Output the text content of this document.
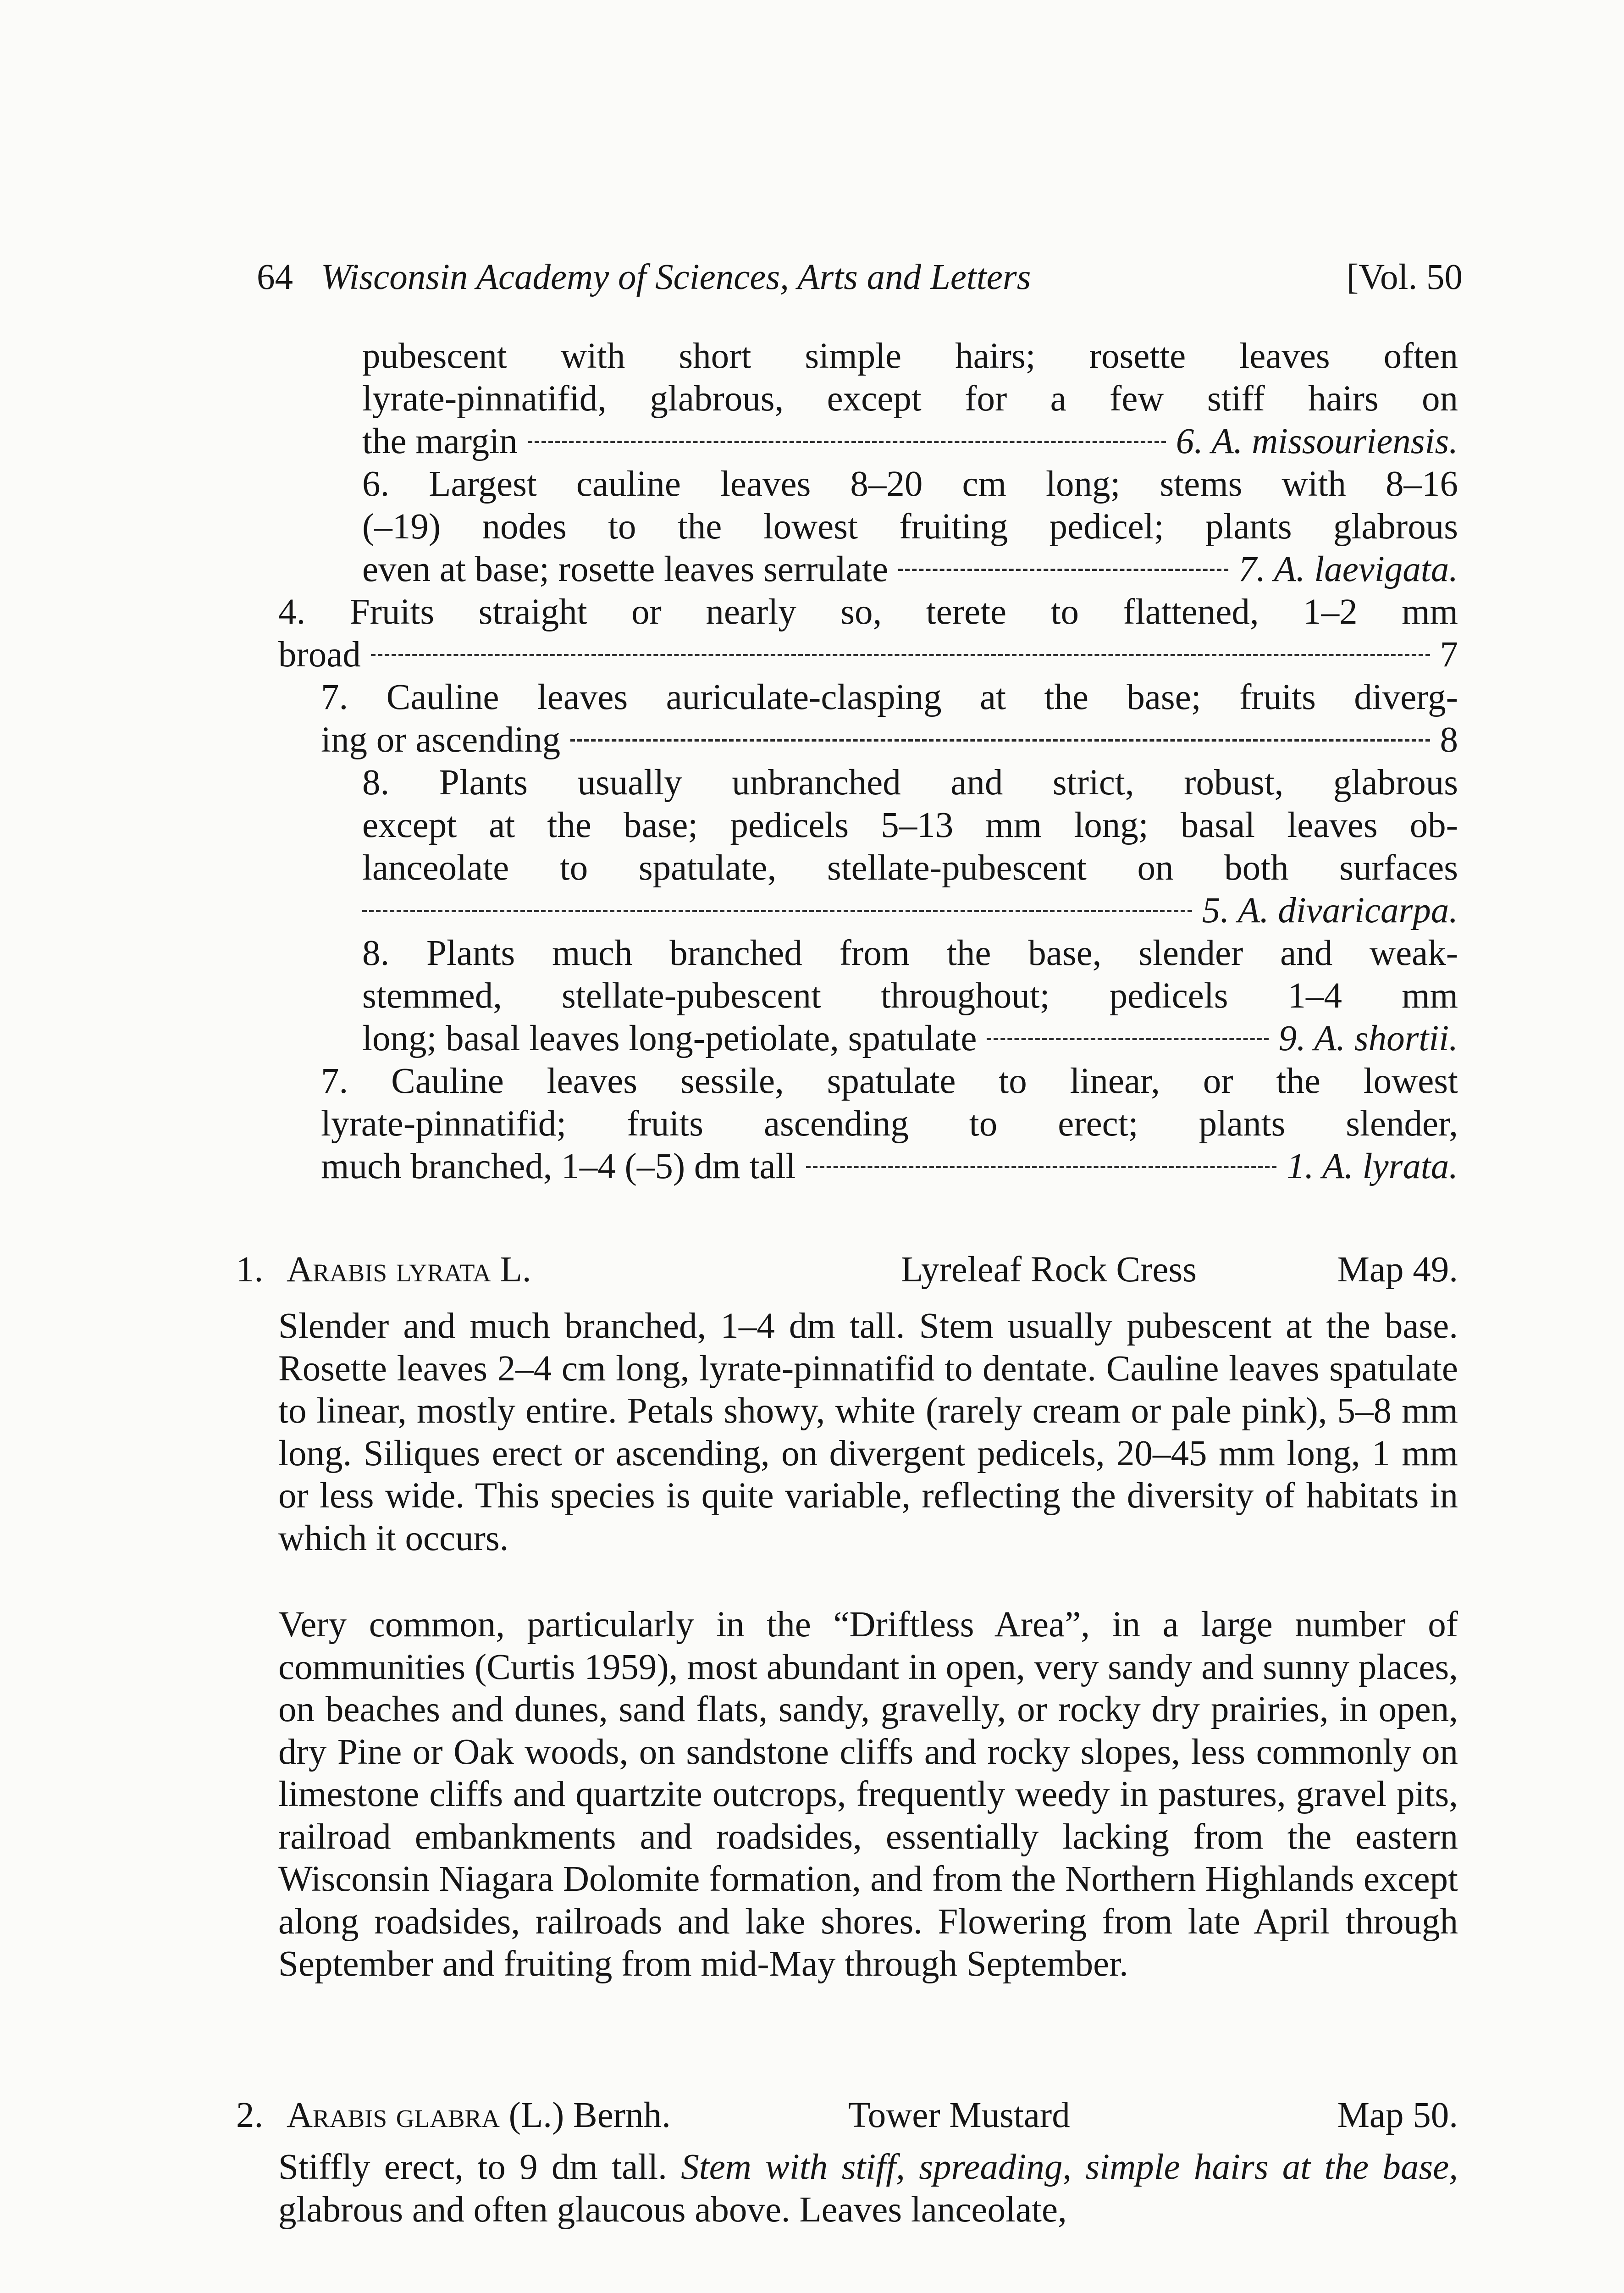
64 Wisconsin Academy of Sciences, Arts and Letters	[Vol. 50
pubescent with short simple hairs; rosette leaves often
lyrate-pinnatifid, glabrous, except for a few stiff hairs on
the margin	6. A. missouriensis.
6. Largest cauline leaves 8–20 cm long; stems with 8–16
(–19) nodes to the lowest fruiting pedicel; plants glabrous
even at base; rosette leaves serrulate	7. A. laevigata.
4. Fruits straight or nearly so, terete to flattened, 1–2 mm
broad	7
7. Cauline leaves auriculate-clasping at the base; fruits diverg-
ing or ascending	8
8. Plants usually unbranched and strict, robust, glabrous
except at the base; pedicels 5–13 mm long; basal leaves ob-
lanceolate to spatulate, stellate-pubescent on both surfaces
5. A. divaricarpa.
8. Plants much branched from the base, slender and weak-
stemmed, stellate-pubescent throughout; pedicels 1–4 mm
long; basal leaves long-petiolate, spatulate	9. A. shortii.
7. Cauline leaves sessile, spatulate to linear, or the lowest
lyrate-pinnatifid; fruits ascending to erect; plants slender,
much branched, 1–4 (–5) dm tall	1. A. lyrata.
1. Arabis lyrata L.	Lyreleaf Rock Cress	Map 49.
Slender and much branched, 1–4 dm tall. Stem usually pubescent at the base. Rosette leaves 2–4 cm long, lyrate-pinnatifid to dentate. Cauline leaves spatulate to linear, mostly entire. Petals showy, white (rarely cream or pale pink), 5–8 mm long. Siliques erect or ascending, on divergent pedicels, 20–45 mm long, 1 mm or less wide. This species is quite variable, reflecting the diversity of habitats in which it occurs.
Very common, particularly in the “Driftless Area”, in a large number of communities (Curtis 1959), most abundant in open, very sandy and sunny places, on beaches and dunes, sand flats, sandy, gravelly, or rocky dry prairies, in open, dry Pine or Oak woods, on sandstone cliffs and rocky slopes, less commonly on limestone cliffs and quartzite outcrops, frequently weedy in pastures, gravel pits, railroad embankments and roadsides, essentially lacking from the eastern Wisconsin Niagara Dolomite formation, and from the Northern Highlands except along roadsides, railroads and lake shores. Flowering from late April through September and fruiting from mid-May through September.
2. Arabis glabra (L.) Bernh.	Tower Mustard	Map 50.
Stiffly erect, to 9 dm tall. Stem with stiff, spreading, simple hairs at the base, glabrous and often glaucous above. Leaves lanceolate,
